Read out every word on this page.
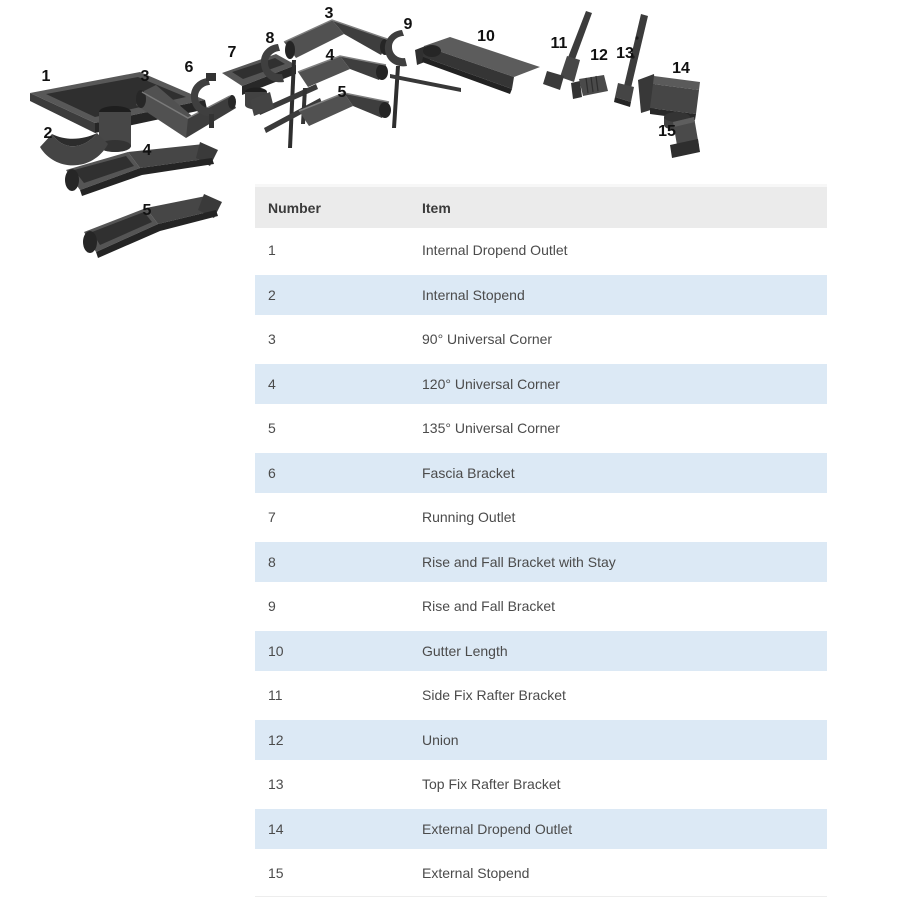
1
2
3
4
5
6
7
8
3
4
5
9
10	11
12 13
14
15
Number	Item
1	Internal Dropend Outlet
2	Internal Stopend
3	90° Universal Corner
4	120° Universal Corner
5	135° Universal Corner
6	Fascia Bracket
7	Running Outlet
8	Rise and Fall Bracket with Stay
9	Rise and Fall Bracket
10	Gutter Length
11	Side Fix Rafter Bracket
12	Union
13	Top Fix Rafter Bracket
14	External Dropend Outlet
15	External Stopend
